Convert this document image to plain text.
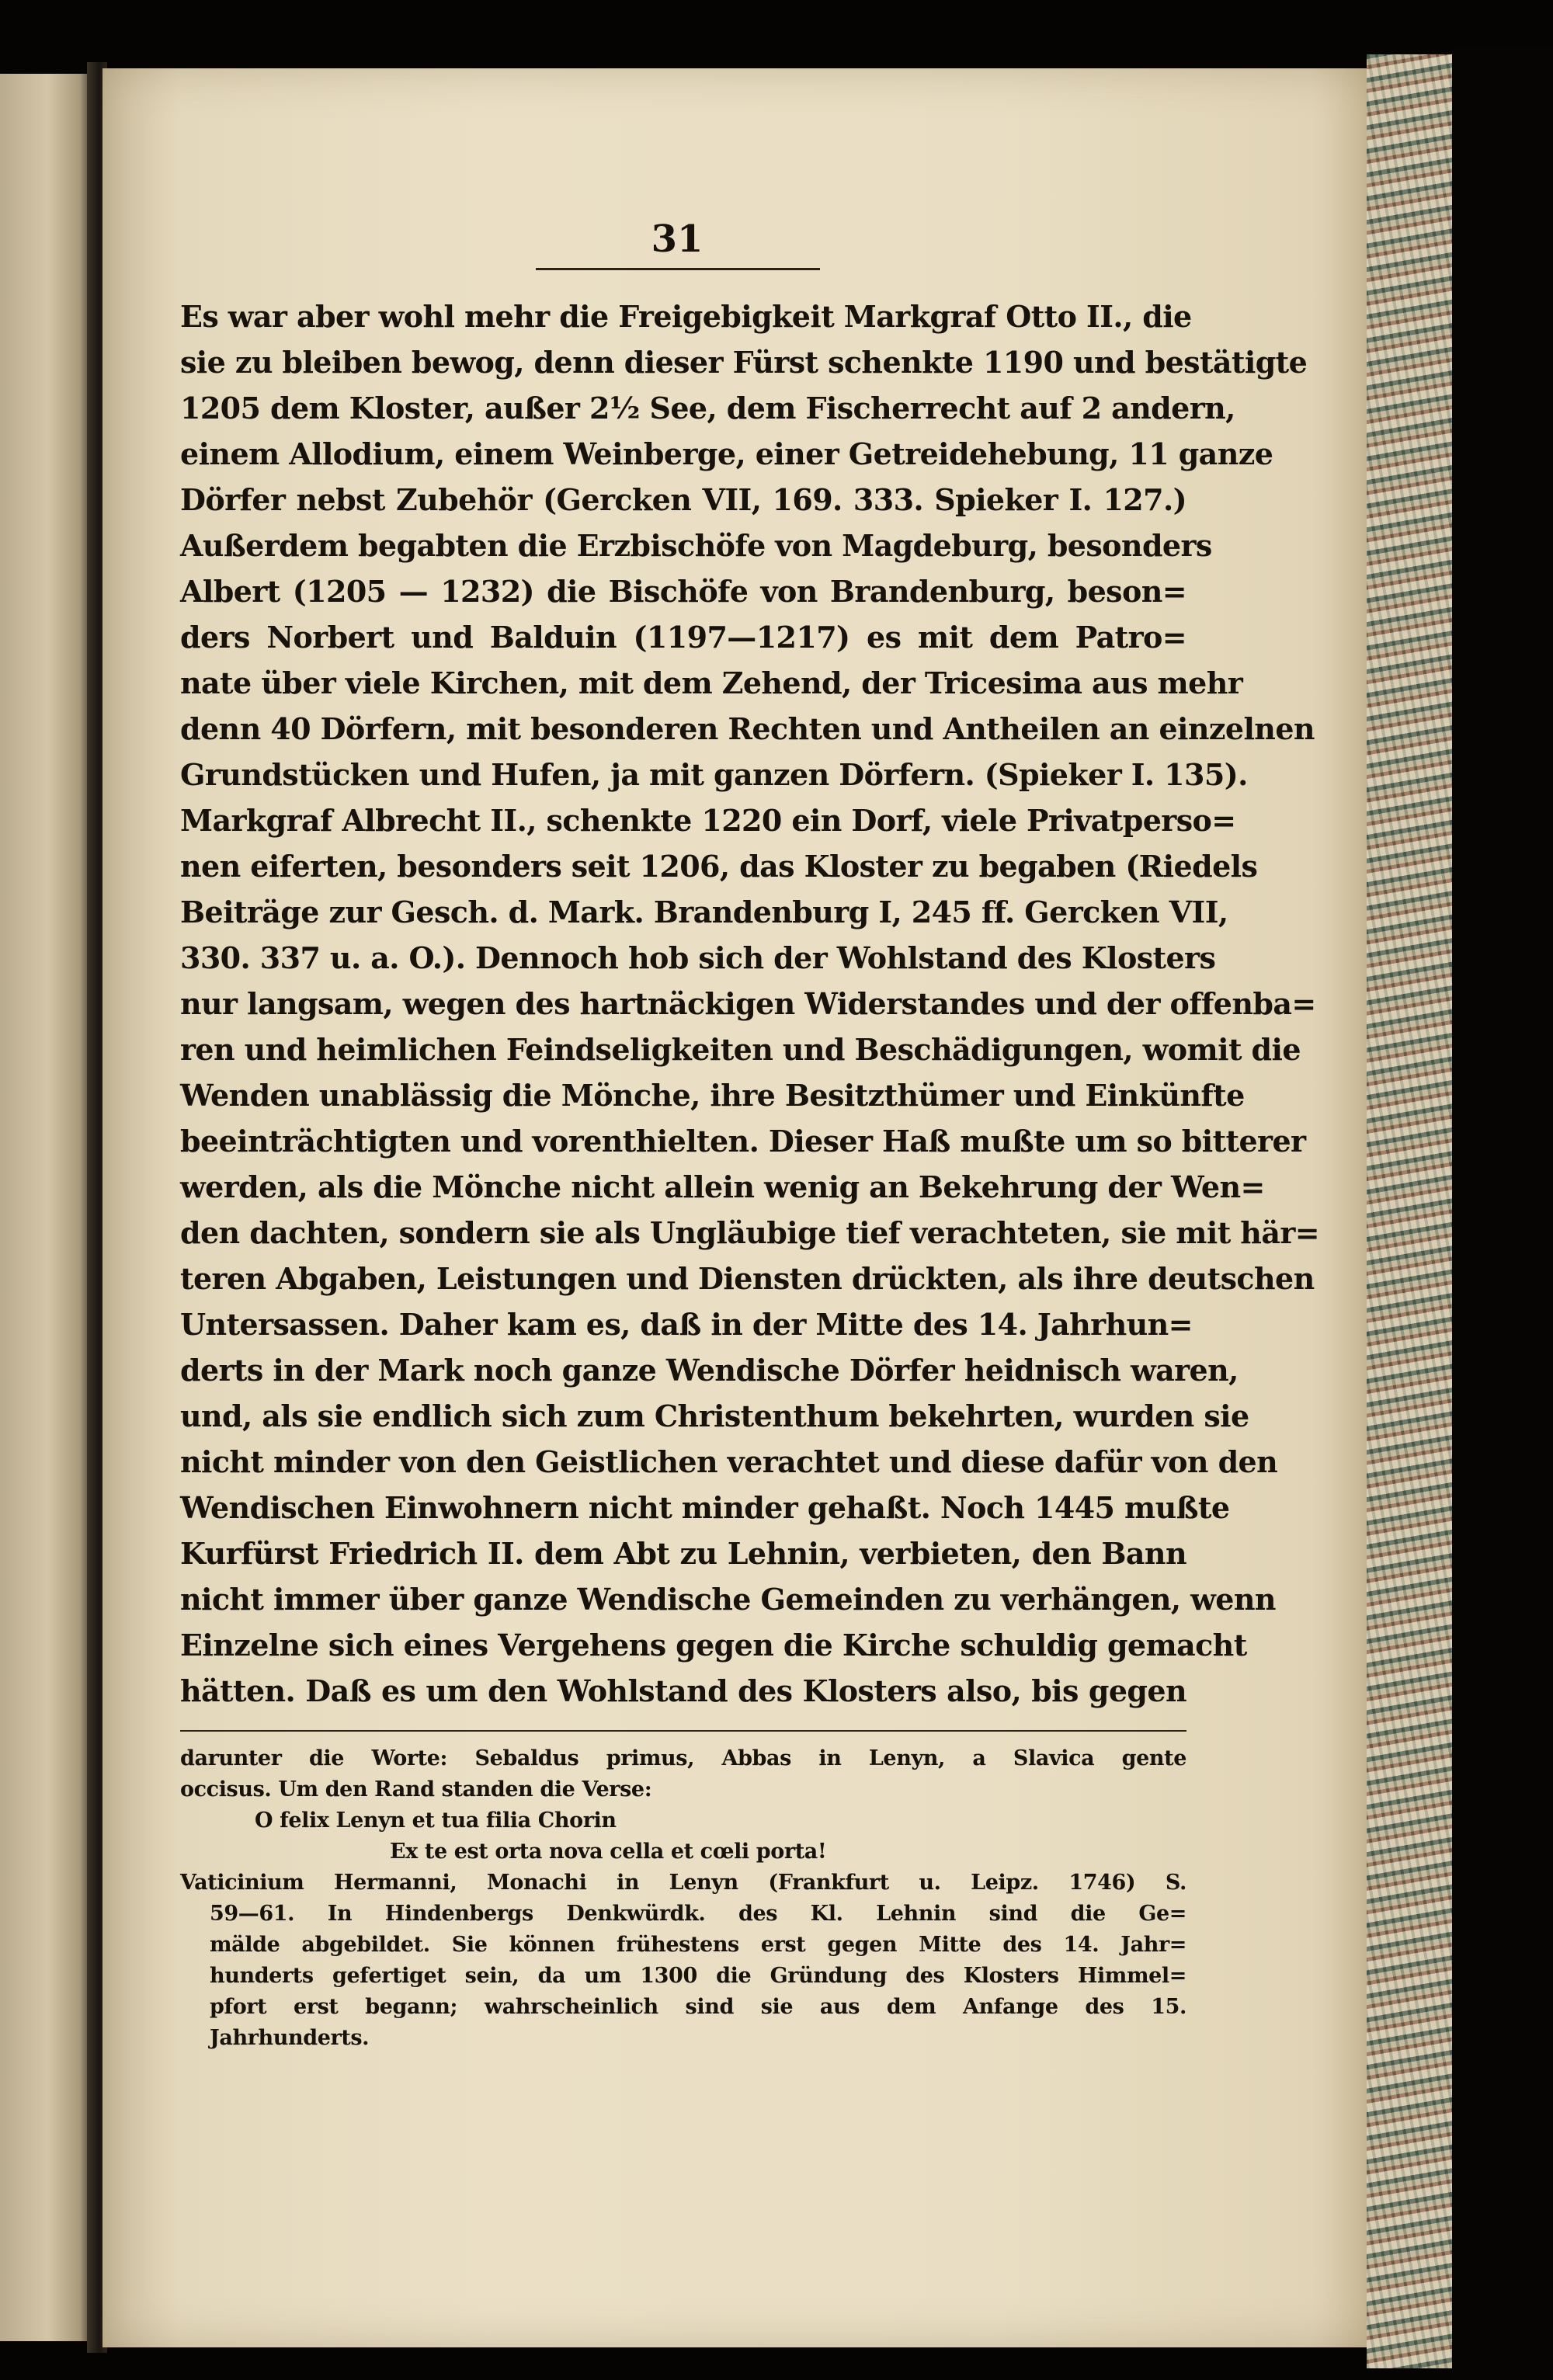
31
Es war aber wohl mehr die Freigebigkeit Markgraf Otto II., die
sie zu bleiben bewog, denn dieser Fürst schenkte 1190 und bestätigte
1205 dem Kloster, außer 2½ See, dem Fischerrecht auf 2 andern,
einem Allodium, einem Weinberge, einer Getreidehebung, 11 ganze
Dörfer nebst Zubehör (Gercken VII, 169. 333. Spieker I. 127.)
Außerdem begabten die Erzbischöfe von Magdeburg, besonders
Albert (1205 — 1232) die Bischöfe von Brandenburg, beson=
ders Norbert und Balduin (1197—1217) es mit dem Patro=
nate über viele Kirchen, mit dem Zehend, der Tricesima aus mehr
denn 40 Dörfern, mit besonderen Rechten und Antheilen an einzelnen
Grundstücken und Hufen, ja mit ganzen Dörfern. (Spieker I. 135).
Markgraf Albrecht II., schenkte 1220 ein Dorf, viele Privatperso=
nen eiferten, besonders seit 1206, das Kloster zu begaben (Riedels
Beiträge zur Gesch. d. Mark. Brandenburg I, 245 ff. Gercken VII,
330. 337 u. a. O.). Dennoch hob sich der Wohlstand des Klosters
nur langsam, wegen des hartnäckigen Widerstandes und der offenba=
ren und heimlichen Feindseligkeiten und Beschädigungen, womit die
Wenden unablässig die Mönche, ihre Besitzthümer und Einkünfte
beeinträchtigten und vorenthielten. Dieser Haß mußte um so bitterer
werden, als die Mönche nicht allein wenig an Bekehrung der Wen=
den dachten, sondern sie als Ungläubige tief verachteten, sie mit här=
teren Abgaben, Leistungen und Diensten drückten, als ihre deutschen
Untersassen. Daher kam es, daß in der Mitte des 14. Jahrhun=
derts in der Mark noch ganze Wendische Dörfer heidnisch waren,
und, als sie endlich sich zum Christenthum bekehrten, wurden sie
nicht minder von den Geistlichen verachtet und diese dafür von den
Wendischen Einwohnern nicht minder gehaßt. Noch 1445 mußte
Kurfürst Friedrich II. dem Abt zu Lehnin, verbieten, den Bann
nicht immer über ganze Wendische Gemeinden zu verhängen, wenn
Einzelne sich eines Vergehens gegen die Kirche schuldig gemacht
hätten. Daß es um den Wohlstand des Klosters also, bis gegen
darunter die Worte: Sebaldus primus, Abbas in Lenyn, a Slavica gente
occisus. Um den Rand standen die Verse:
O felix Lenyn et tua filia Chorin
Ex te est orta nova cella et cœli porta!
Vaticinium Hermanni, Monachi in Lenyn (Frankfurt u. Leipz. 1746) S.
59—61. In Hindenbergs Denkwürdk. des Kl. Lehnin sind die Ge=
mälde abgebildet. Sie können frühestens erst gegen Mitte des 14. Jahr=
hunderts gefertiget sein, da um 1300 die Gründung des Klosters Himmel=
pfort erst begann; wahrscheinlich sind sie aus dem Anfange des 15.
Jahrhunderts.
